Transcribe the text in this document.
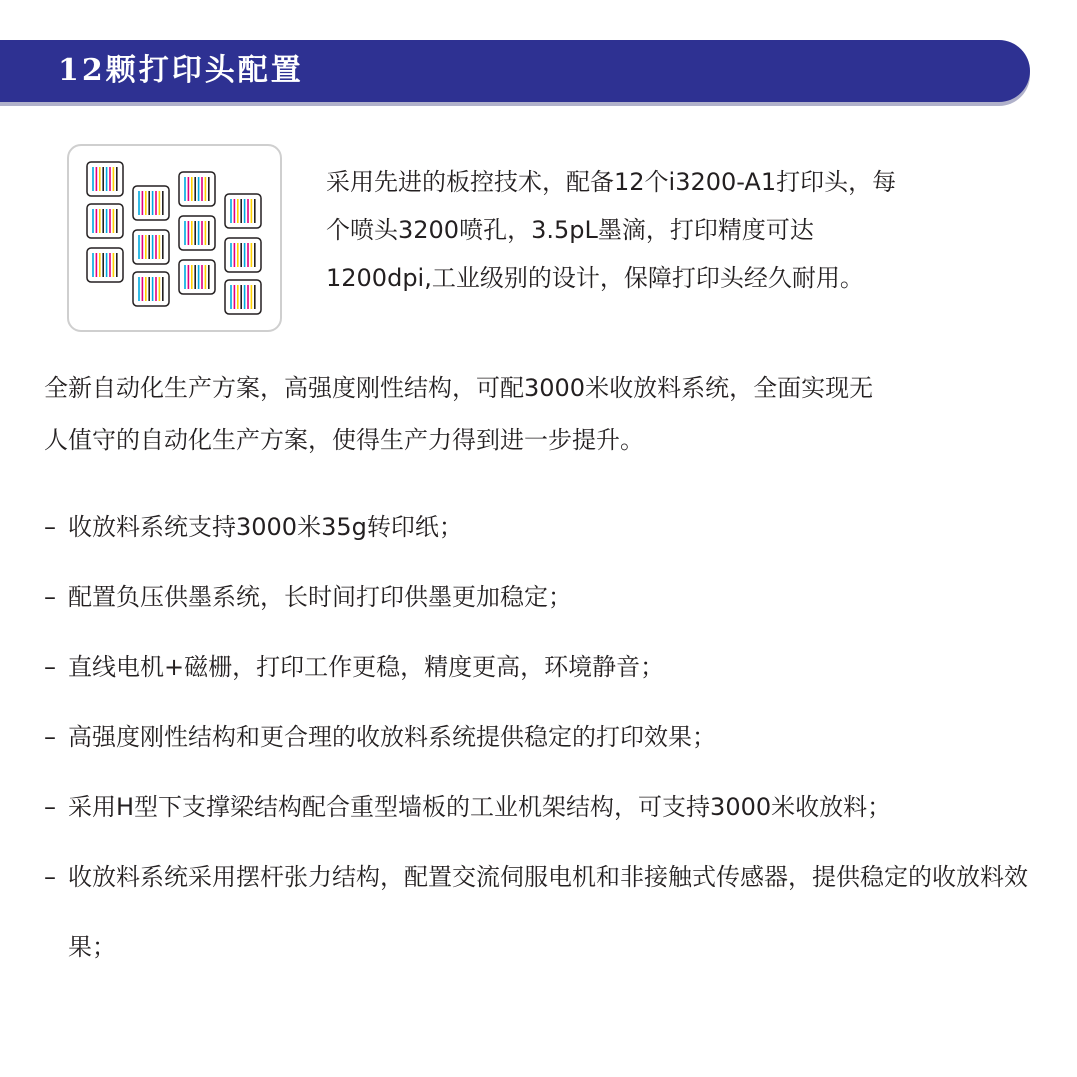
12颗打印头配置

采用先进的板控技术，配备12个i3200-A1打印头，每
个喷头3200喷孔，3.5pL墨滴，打印精度可达
1200dpi,工业级别的设计，保障打印头经久耐用。

全新自动化生产方案，高强度刚性结构，可配3000米收放料系统，全面实现无
人值守的自动化生产方案，使得生产力得到进一步提升。

– 收放料系统支持3000米35g转印纸；
– 配置负压供墨系统，长时间打印供墨更加稳定；
– 直线电机+磁栅，打印工作更稳，精度更高，环境静音；
– 高强度刚性结构和更合理的收放料系统提供稳定的打印效果；
– 采用H型下支撑梁结构配合重型墙板的工业机架结构，可支持3000米收放料；
– 收放料系统采用摆杆张力结构，配置交流伺服电机和非接触式传感器，提供稳定的收放料效果；
